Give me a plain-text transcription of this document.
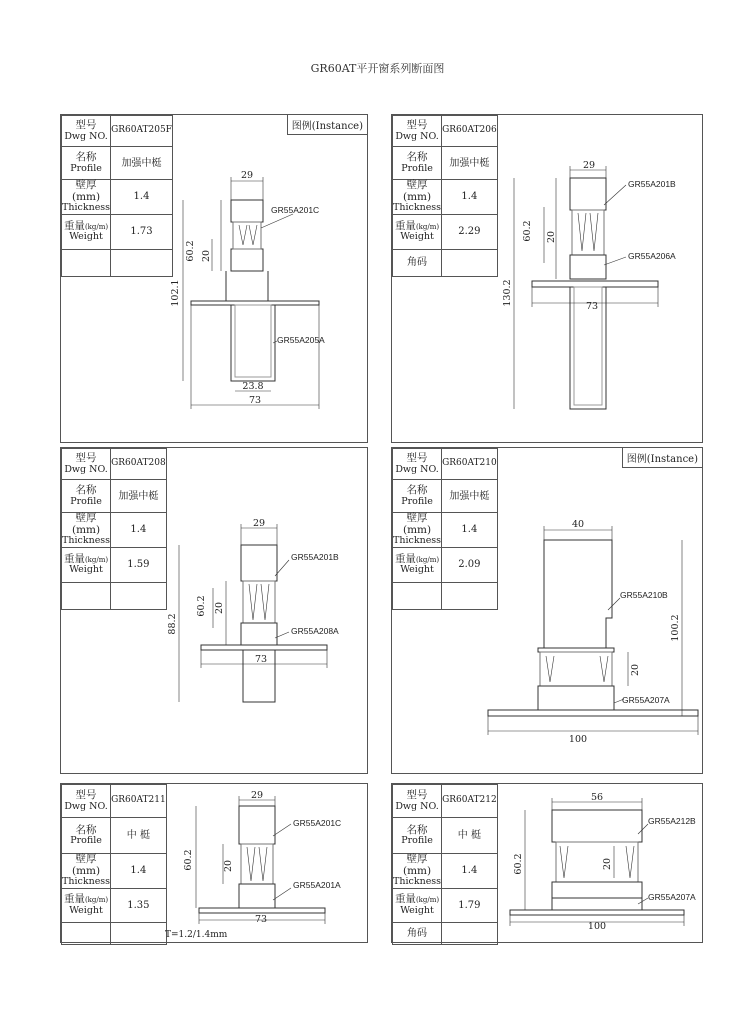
GR60AT平开窗系列断面图
型号
Dwg NO.	GR60AT205F

名称
Profile	加强中梃

壁厚(mm)
Thickness	1.4

重量(kg/m)
Weight	1.73

图例(Instance)
29
60.2 20
102.1
23.8
73
GR55A201C
GR55A205A
型号
Dwg NO.	GR60AT206

名称
Profile	加强中梃

壁厚(mm)
Thickness	1.4

重量(kg/m)
Weight	2.29
角码	
29
60.2 20
130.2	73
GR55A201B
GR55A206A
型号
Dwg NO.	GR60AT208

名称
Profile	加强中梃

壁厚(mm)
Thickness	1.4

重量(kg/m)
Weight	1.59

29
60.2 20
88.2
73
GR55A201B
GR55A208A
型号
Dwg NO.	GR60AT210

名称
Profile	加强中梃

壁厚(mm)
Thickness	1.4

重量(kg/m)
Weight	2.09

图例(Instance)
40
20
100.2
100
GR55A210B
GR55A207A
型号
Dwg NO.	GR60AT211

名称
Profile	中 梃

壁厚(mm)
Thickness	1.4

重量(kg/m)
Weight	1.35

29
60.2	20
73
GR55A201C
GR55A201A
T=1.2/1.4mm
型号
Dwg NO.	GR60AT212

名称
Profile	中 梃

壁厚(mm)
Thickness	1.4

重量(kg/m)
Weight	1.79
角码	
56
60.2	20
100
GR55A212B
GR55A207A
